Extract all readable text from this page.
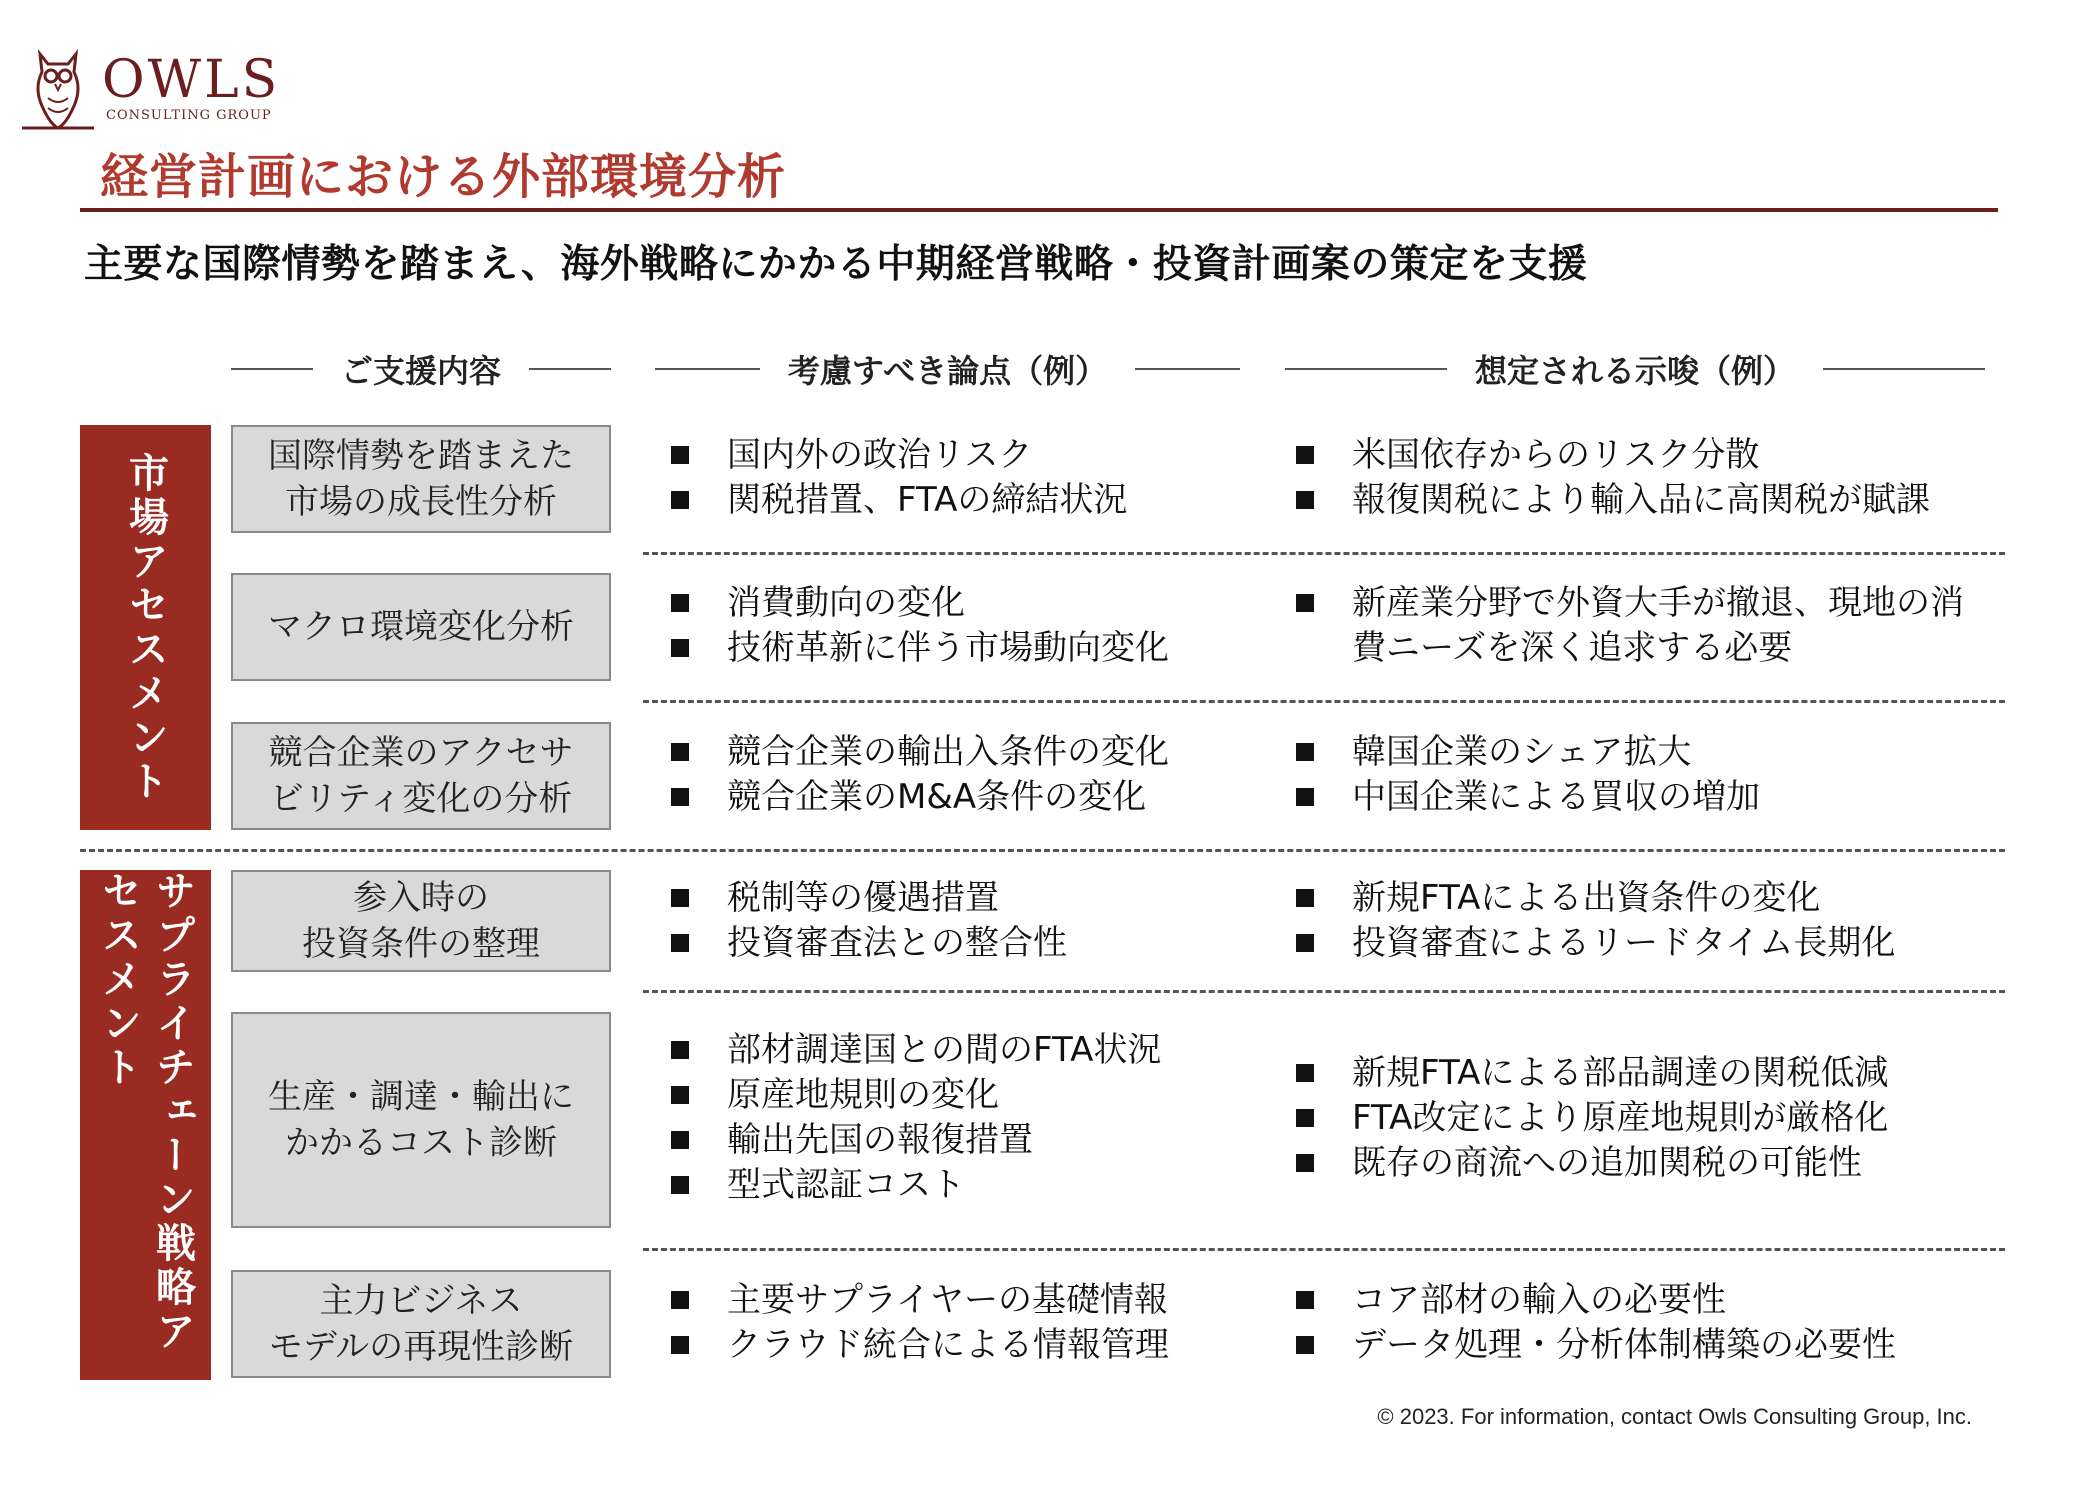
OWLS
CONSULTING GROUP
経営計画における外部環境分析
主要な国際情勢を踏まえ、海外戦略にかかる中期経営戦略・投資計画案の策定を支援
ご支援内容	考慮すべき論点（例）	想定される示唆（例）
市場アセスメント
サプライチェーン戦略アセスメント
国際情勢を踏まえた
市場の成長性分析
国内外の政治リスク
関税措置、FTAの締結状況
米国依存からのリスク分散
報復関税により輸入品に高関税が賦課
マクロ環境変化分析
消費動向の変化
技術革新に伴う市場動向変化
新産業分野で外資大手が撤退、現地の消費ニーズを深く追求する必要
競合企業のアクセサ
ビリティ変化の分析
競合企業の輸出入条件の変化
競合企業のM&A条件の変化
韓国企業のシェア拡大
中国企業による買収の増加
参入時の
投資条件の整理
税制等の優遇措置
投資審査法との整合性
新規FTAによる出資条件の変化
投資審査によるリードタイム長期化
生産・調達・輸出に
かかるコスト診断
部材調達国との間のFTA状況
原産地規則の変化
輸出先国の報復措置
型式認証コスト
新規FTAによる部品調達の関税低減
FTA改定により原産地規則が厳格化
既存の商流への追加関税の可能性
主力ビジネス
モデルの再現性診断
主要サプライヤーの基礎情報
クラウド統合による情報管理
コア部材の輸入の必要性
データ処理・分析体制構築の必要性
© 2023. For information, contact Owls Consulting Group, Inc.
